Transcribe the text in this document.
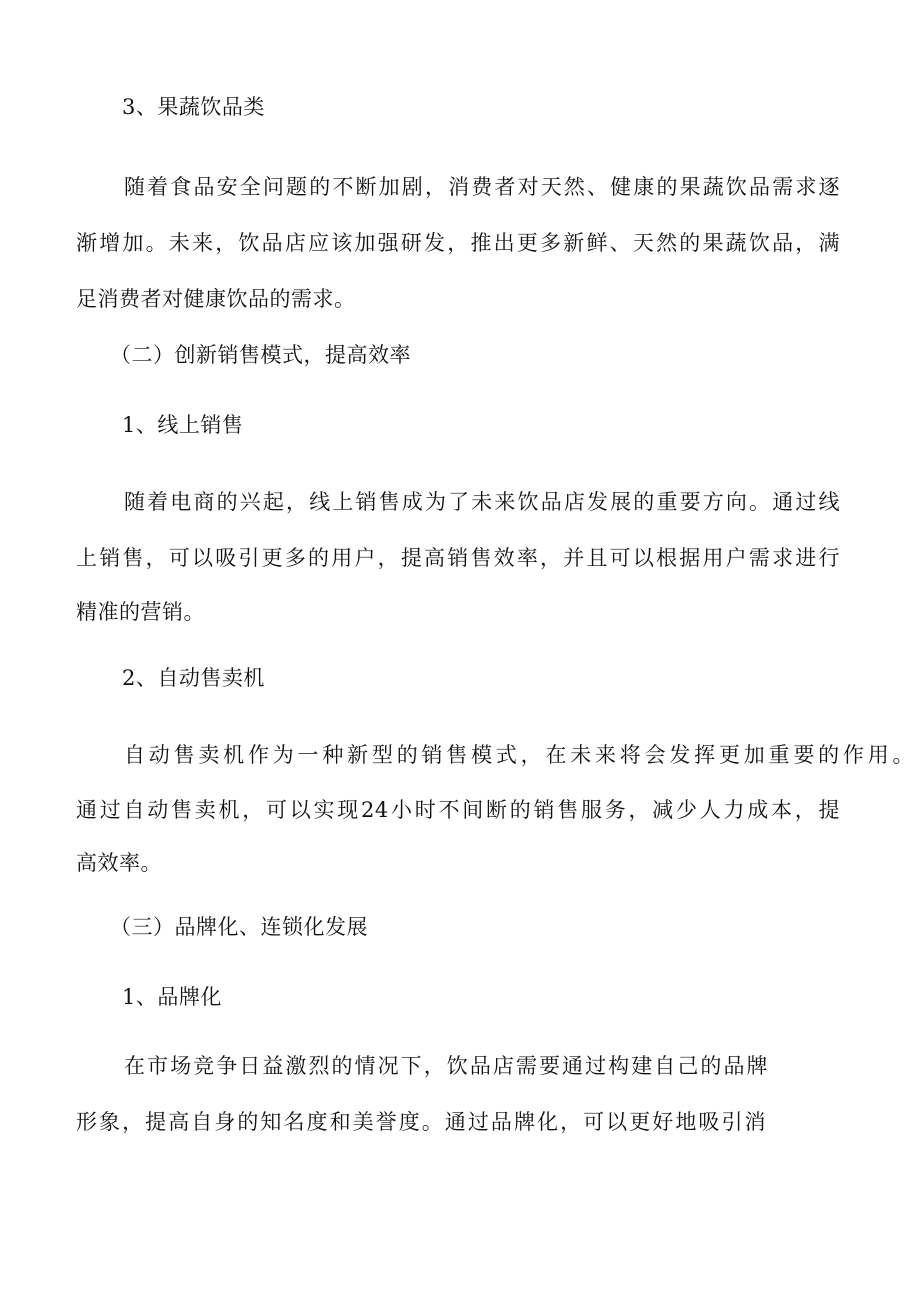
3、果蔬饮品类
随着食品安全问题的不断加剧，消费者对天然、健康的果蔬饮品需求逐
渐增加。未来，饮品店应该加强研发，推出更多新鲜、天然的果蔬饮品，满
足消费者对健康饮品的需求。
（二）创新销售模式，提高效率
1、线上销售
随着电商的兴起，线上销售成为了未来饮品店发展的重要方向。通过线
上销售，可以吸引更多的用户，提高销售效率，并且可以根据用户需求进行
精准的营销。
2、自动售卖机
自动售卖机作为一种新型的销售模式，在未来将会发挥更加重要的作用。
通过自动售卖机，可以实现24小时不间断的销售服务，减少人力成本，提
高效率。
（三）品牌化、连锁化发展
1、品牌化
在市场竞争日益激烈的情况下，饮品店需要通过构建自己的品牌
形象，提高自身的知名度和美誉度。通过品牌化，可以更好地吸引消
